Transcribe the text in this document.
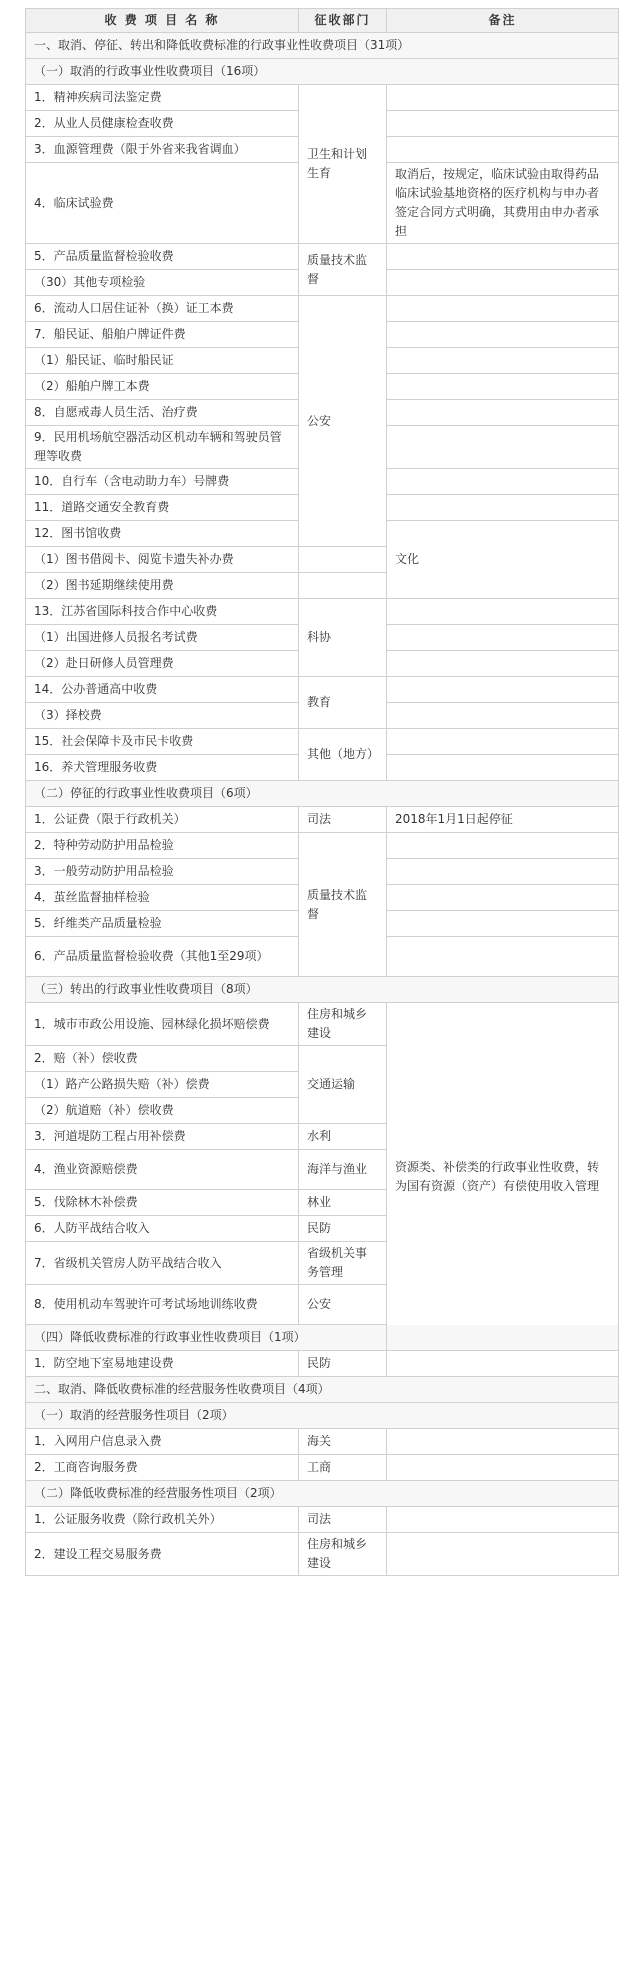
收 费 项 目 名 称	征收部门	备注	
一、取消、停征、转出和降低收费标准的行政事业性收费项目（31项）			
（一）取消的行政事业性收费项目（16项）			
1．精神疾病司法鉴定费	卫生和计划生育		
2．从业人员健康检查收费			
3．血源管理费（限于外省来我省调血）			
4．临床试验费		取消后，按规定，临床试验由取得药品临床试验基地资格的医疗机构与申办者签定合同方式明确，其费用由申办者承担	
5．产品质量监督检验收费	质量技术监督		
（30）其他专项检验			
6．流动人口居住证补（换）证工本费	公安		
7．船民证、船舶户牌证件费			
（1）船民证、临时船民证			
（2）船舶户牌工本费			
8．自愿戒毒人员生活、治疗费			
9．民用机场航空器活动区机动车辆和驾驶员管理等收费			
10．自行车（含电动助力车）号牌费			
11．道路交通安全教育费			
12．图书馆收费		文化	
（1）图书借阅卡、阅览卡遗失补办费			
（2）图书延期继续使用费			
13．江苏省国际科技合作中心收费	科协		
（1）出国进修人员报名考试费			
（2）赴日研修人员管理费			
14．公办普通高中收费	教育		
（3）择校费			
15．社会保障卡及市民卡收费	其他（地方）		
16．养犬管理服务收费			
（二）停征的行政事业性收费项目（6项）			
1．公证费（限于行政机关）	司法	2018年1月1日起停征	
2．特种劳动防护用品检验	质量技术监督		
3．一般劳动防护用品检验			
4．茧丝监督抽样检验			
5．纤维类产品质量检验			
6．产品质量监督检验收费（其他1至29项）			
（三）转出的行政事业性收费项目（8项）			
1．城市市政公用设施、园林绿化损坏赔偿费	住房和城乡建设	资源类、补偿类的行政事业性收费，转为国有资源（资产）有偿使用收入管理	
2．赔（补）偿收费	交通运输		
（1）路产公路损失赔（补）偿费			
（2）航道赔（补）偿收费			
3．河道堤防工程占用补偿费	水利		
4．渔业资源赔偿费	海洋与渔业		
5．伐除林木补偿费	林业		
6．人防平战结合收入	民防		
7．省级机关管房人防平战结合收入	省级机关事务管理		
8．使用机动车驾驶许可考试场地训练收费	公安		
（四）降低收费标准的行政事业性收费项目（1项）			
1．防空地下室易地建设费	民防		
二、取消、降低收费标准的经营服务性收费项目（4项）			
（一）取消的经营服务性项目（2项）			
1．入网用户信息录入费	海关		
2．工商咨询服务费	工商		
（二）降低收费标准的经营服务性项目（2项）			
1．公证服务收费（除行政机关外）	司法		
2．建设工程交易服务费	住房和城乡建设		
